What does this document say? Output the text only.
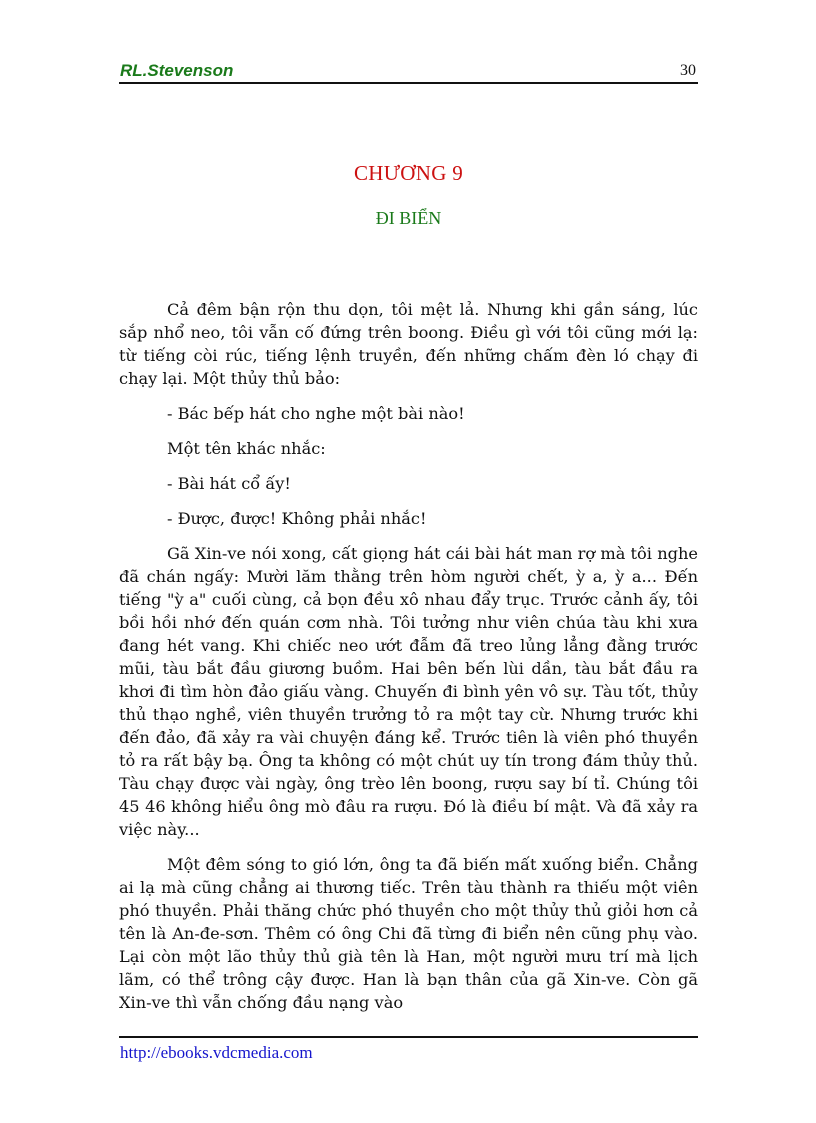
RL.Stevenson	30
CHƯƠNG 9
ĐI BIỂN

Cả đêm bận rộn thu dọn, tôi mệt lả. Nhưng khi gần sáng, lúc sắp nhổ neo, tôi vẫn cố đứng trên boong. Điều gì với tôi cũng mới lạ: từ tiếng còi rúc, tiếng lệnh truyền, đến những chấm đèn ló chạy đi chạy lại. Một thủy thủ bảo:

- Bác bếp hát cho nghe một bài nào!

Một tên khác nhắc:

- Bài hát cổ ấy!

- Được, được! Không phải nhắc!

Gã Xin-ve nói xong, cất giọng hát cái bài hát man rợ mà tôi nghe đã chán ngấy: Mười lăm thằng trên hòm người chết, ỳ a, ỳ a... Đến tiếng "ỳ a" cuối cùng, cả bọn đều xô nhau đẩy trục. Trước cảnh ấy, tôi bồi hồi nhớ đến quán cơm nhà. Tôi tưởng như viên chúa tàu khi xưa đang hét vang. Khi chiếc neo ướt đẫm đã treo lủng lẳng đằng trước mũi, tàu bắt đầu giương buồm. Hai bên bến lùi dần, tàu bắt đầu ra khơi đi tìm hòn đảo giấu vàng. Chuyến đi bình yên vô sự. Tàu tốt, thủy thủ thạo nghề, viên thuyền trưởng tỏ ra một tay cừ. Nhưng trước khi đến đảo, đã xảy ra vài chuyện đáng kể. Trước tiên là viên phó thuyền tỏ ra rất bậy bạ. Ông ta không có một chút uy tín trong đám thủy thủ. Tàu chạy được vài ngày, ông trèo lên boong, rượu say bí tỉ. Chúng tôi 45 46 không hiểu ông mò đâu ra rượu. Đó là điều bí mật. Và đã xảy ra việc này...

Một đêm sóng to gió lớn, ông ta đã biến mất xuống biển. Chẳng ai lạ mà cũng chẳng ai thương tiếc. Trên tàu thành ra thiếu một viên phó thuyền. Phải thăng chức phó thuyền cho một thủy thủ giỏi hơn cả tên là An-đe-sơn. Thêm có ông Chi đã từng đi biển nên cũng phụ vào. Lại còn một lão thủy thủ già tên là Han, một người mưu trí mà lịch lãm, có thể trông cậy được. Han là bạn thân của gã Xin-ve. Còn gã Xin-ve thì vẫn chống đầu nạng vào

http://ebooks.vdcmedia.com
